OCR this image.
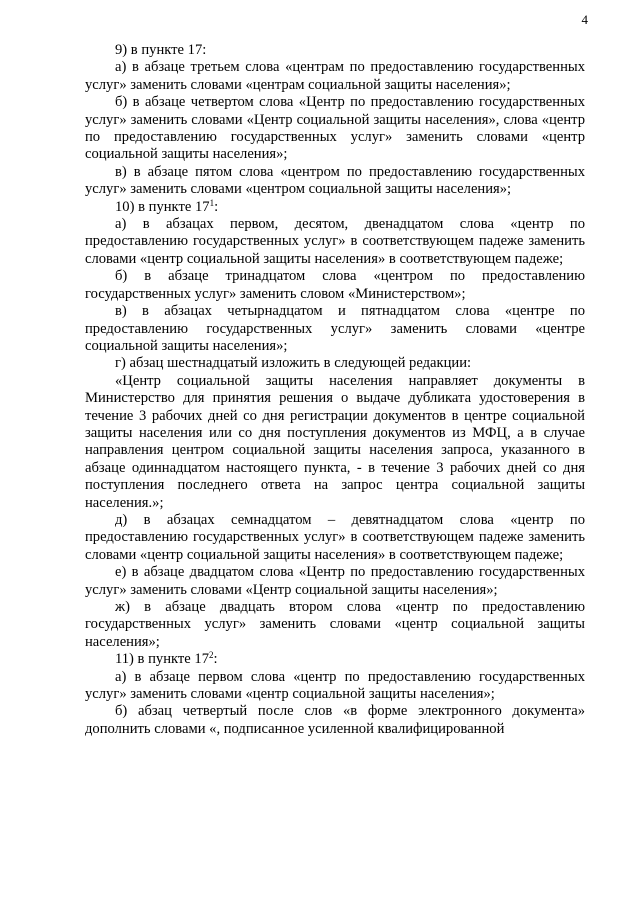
4

9) в пункте 17:

а) в абзаце третьем слова «центрам по предоставлению государственных услуг» заменить словами «центрам социальной защиты населения»;

б) в абзаце четвертом слова «Центр по предоставлению государственных услуг» заменить словами «Центр социальной защиты населения», слова «центр по предоставлению государственных услуг» заменить словами «центр социальной защиты населения»;

в) в абзаце пятом слова «центром по предоставлению государственных услуг» заменить словами «центром социальной защиты населения»;

10) в пункте $17^1$:

а) в абзацах первом, десятом, двенадцатом слова «центр по предоставлению государственных услуг» в соответствующем падеже заменить словами «центр социальной защиты населения» в соответствующем падеже;

б) в абзаце тринадцатом слова «центром по предоставлению государственных услуг» заменить словом «Министерством»;

в) в абзацах четырнадцатом и пятнадцатом слова «центре по предоставлению государственных услуг» заменить словами «центре социальной защиты населения»;

г) абзац шестнадцатый изложить в следующей редакции:

«Центр социальной защиты населения направляет документы в Министерство для принятия решения о выдаче дубликата удостоверения в течение 3 рабочих дней со дня регистрации документов в центре социальной защиты населения или со дня поступления документов из МФЦ, а в случае направления центром социальной защиты населения запроса, указанного в абзаце одиннадцатом настоящего пункта, - в течение 3 рабочих дней со дня поступления последнего ответа на запрос центра социальной защиты населения.»;

д) в абзацах семнадцатом – девятнадцатом слова «центр по предоставлению государственных услуг» в соответствующем падеже заменить словами «центр социальной защиты населения» в соответствующем падеже;

е) в абзаце двадцатом слова «Центр по предоставлению государственных услуг» заменить словами «Центр социальной защиты населения»;

ж) в абзаце двадцать втором слова «центр по предоставлению государственных услуг» заменить словами «центр социальной защиты населения»;

11) в пункте $17^2$:

а) в абзаце первом слова «центр по предоставлению государственных услуг» заменить словами «центр социальной защиты населения»;

б) абзац четвертый после слов «в форме электронного документа» дополнить словами «, подписанное усиленной квалифицированной
